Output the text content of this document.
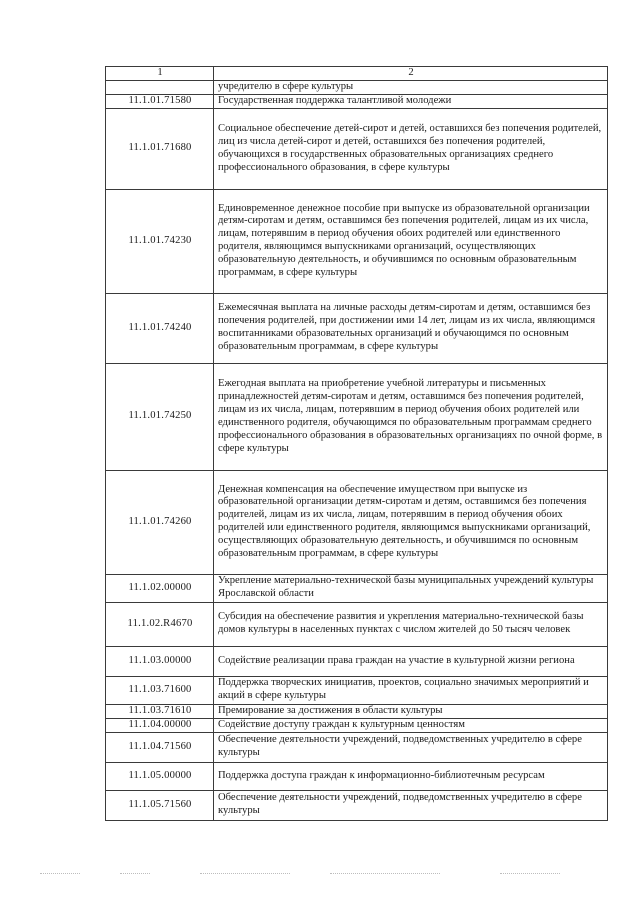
1	2
	учредителю в сфере культуры
11.1.01.71580	Государственная поддержка талантливой молодежи
11.1.01.71680	Социальное обеспечение детей-сирот и детей, оставшихся без попечения родителей, лиц из числа детей-сирот и детей, оставшихся без попечения родителей, обучающихся в государственных образовательных организациях среднего профессионального образования, в сфере культуры
11.1.01.74230	Единовременное денежное пособие при выпуске из образовательной организации детям-сиротам и детям, оставшимся без попечения родителей, лицам из их числа, лицам, потерявшим в период обучения обоих родителей или единственного родителя, являющимся выпускниками организаций, осуществляющих образовательную деятельность, и обучившимся по основным образовательным программам, в сфере культуры
11.1.01.74240	Ежемесячная выплата на личные расходы детям-сиротам и детям, оставшимся без попечения родителей, при достижении ими 14 лет, лицам из их числа, являющимся воспитанниками образовательных организаций и обучающимся по основным образовательным программам, в сфере культуры
11.1.01.74250	Ежегодная выплата на приобретение учебной литературы и письменных принадлежностей детям-сиротам и детям, оставшимся без попечения родителей, лицам из их числа, лицам, потерявшим в период обучения обоих родителей или единственного родителя, обучающимся по образовательным программам среднего профессионального образования в образовательных организациях по очной форме, в сфере культуры
11.1.01.74260	Денежная компенсация на обеспечение имуществом при выпуске из образовательной организации детям-сиротам и детям, оставшимся без попечения родителей, лицам из их числа, лицам, потерявшим в период обучения обоих родителей или единственного родителя, являющимся выпускниками организаций, осуществляющих образовательную деятельность, и обучившимся по основным образовательным программам, в сфере культуры
11.1.02.00000	Укрепление материально-технической базы муниципальных учреждений культуры Ярославской области
11.1.02.R4670	Субсидия на обеспечение развития и укрепления материально-технической базы домов культуры в населенных пунктах с числом жителей до 50 тысяч человек
11.1.03.00000	Содействие реализации права граждан на участие в культурной жизни региона
11.1.03.71600	Поддержка творческих инициатив, проектов, социально значимых мероприятий и акций в сфере культуры
11.1.03.71610	Премирование за достижения в области культуры
11.1.04.00000	Содействие доступу граждан к культурным ценностям
11.1.04.71560	Обеспечение деятельности учреждений, подведомственных учредителю в сфере культуры
11.1.05.00000	Поддержка доступа граждан к информационно-библиотечным ресурсам
11.1.05.71560	Обеспечение деятельности учреждений, подведомственных учредителю в сфере культуры
